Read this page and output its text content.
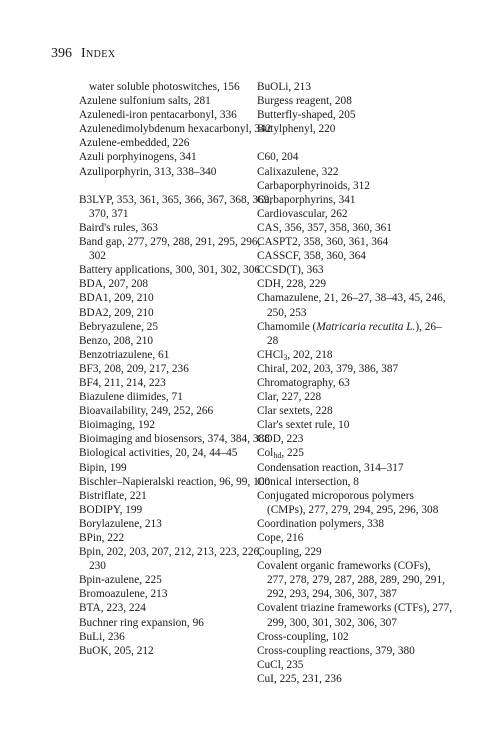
396 Index

water soluble photoswitches, 156

Azulene sulfonium salts, 281

Azulenedi-iron pentacarbonyl, 336

Azulenedimolybdenum hexacarbonyl, 342

Azulene-embedded, 226

Azuli porphyinogens, 341

Azuliporphyrin, 313, 338–340

B3LYP, 353, 361, 365, 366, 367, 368, 369, 370, 371

Baird's rules, 363

Band gap, 277, 279, 288, 291, 295, 296, 302

Battery applications, 300, 301, 302, 306

BDA, 207, 208

BDA1, 209, 210

BDA2, 209, 210

Bebryazulene, 25

Benzo, 208, 210

Benzotriazulene, 61

BF3, 208, 209, 217, 236

BF4, 211, 214, 223

Biazulene diimides, 71

Bioavailability, 249, 252, 266

Bioimaging, 192

Bioimaging and biosensors, 374, 384, 388

Biological activities, 20, 24, 44–45

Bipin, 199

Bischler–Napieralski reaction, 96, 99, 100

Bistriflate, 221

BODIPY, 199

Borylazulene, 213

BPin, 222

Bpin, 202, 203, 207, 212, 213, 223, 226, 230

Bpin-azulene, 225

Bromoazulene, 213

BTA, 223, 224

Buchner ring expansion, 96

BuLi, 236

BuOK, 205, 212

BuOLi, 213

Burgess reagent, 208

Butterfly-shaped, 205

Butylphenyl, 220

C60, 204

Calixazulene, 322

Carbaporphyrinoids, 312

Carbaporphyrins, 341

Cardiovascular, 262

CAS, 356, 357, 358, 360, 361

CASPT2, 358, 360, 361, 364

CASSCF, 358, 360, 364

CCSD(T), 363

CDH, 228, 229

Chamazulene, 21, 26–27, 38–43, 45, 246, 250, 253

Chamomile (Matricaria recutita L.), 26–28

CHCl$_3$, 202, 218

Chiral, 202, 203, 379, 386, 387

Chromatography, 63

Clar, 227, 228

Clar sextets, 228

Clar's sextet rule, 10

COD, 223

Col$_{hd}$, 225

Condensation reaction, 314–317

Conical intersection, 8

Conjugated microporous polymers (CMPs), 277, 279, 294, 295, 296, 308

Coordination polymers, 338

Cope, 216

Coupling, 229

Covalent organic frameworks (COFs), 277, 278, 279, 287, 288, 289, 290, 291, 292, 293, 294, 306, 307, 387

Covalent triazine frameworks (CTFs), 277, 299, 300, 301, 302, 306, 307

Cross-coupling, 102

Cross-coupling reactions, 379, 380

CuCl, 235

CuI, 225, 231, 236
